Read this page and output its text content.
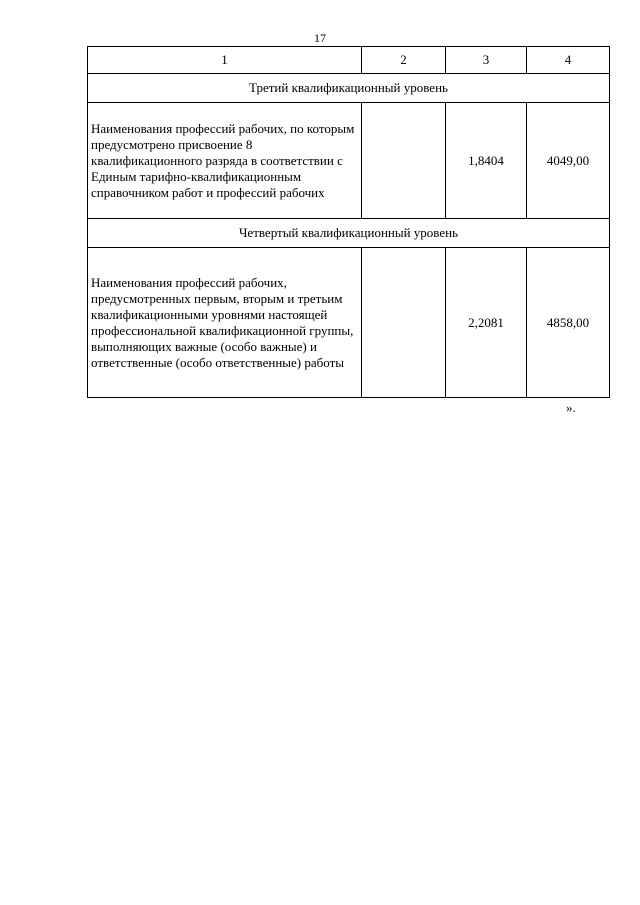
17
1	2	3	4
Третий квалификационный уровень			
Наименования профессий рабочих, по которым предусмотрено присвоение 8 квалификационного разряда в соответствии с Единым тарифно-квалификационным справочником работ и профессий рабочих		1,8404	4049,00
Четвертый квалификационный уровень			
Наименования профессий рабочих, предусмотренных первым, вторым и третьим квалификационными уровнями настоящей профессиональной квалификационной группы, выполняющих важные (особо важные) и ответственные (особо ответственные) работы		2,2081	4858,00
».
